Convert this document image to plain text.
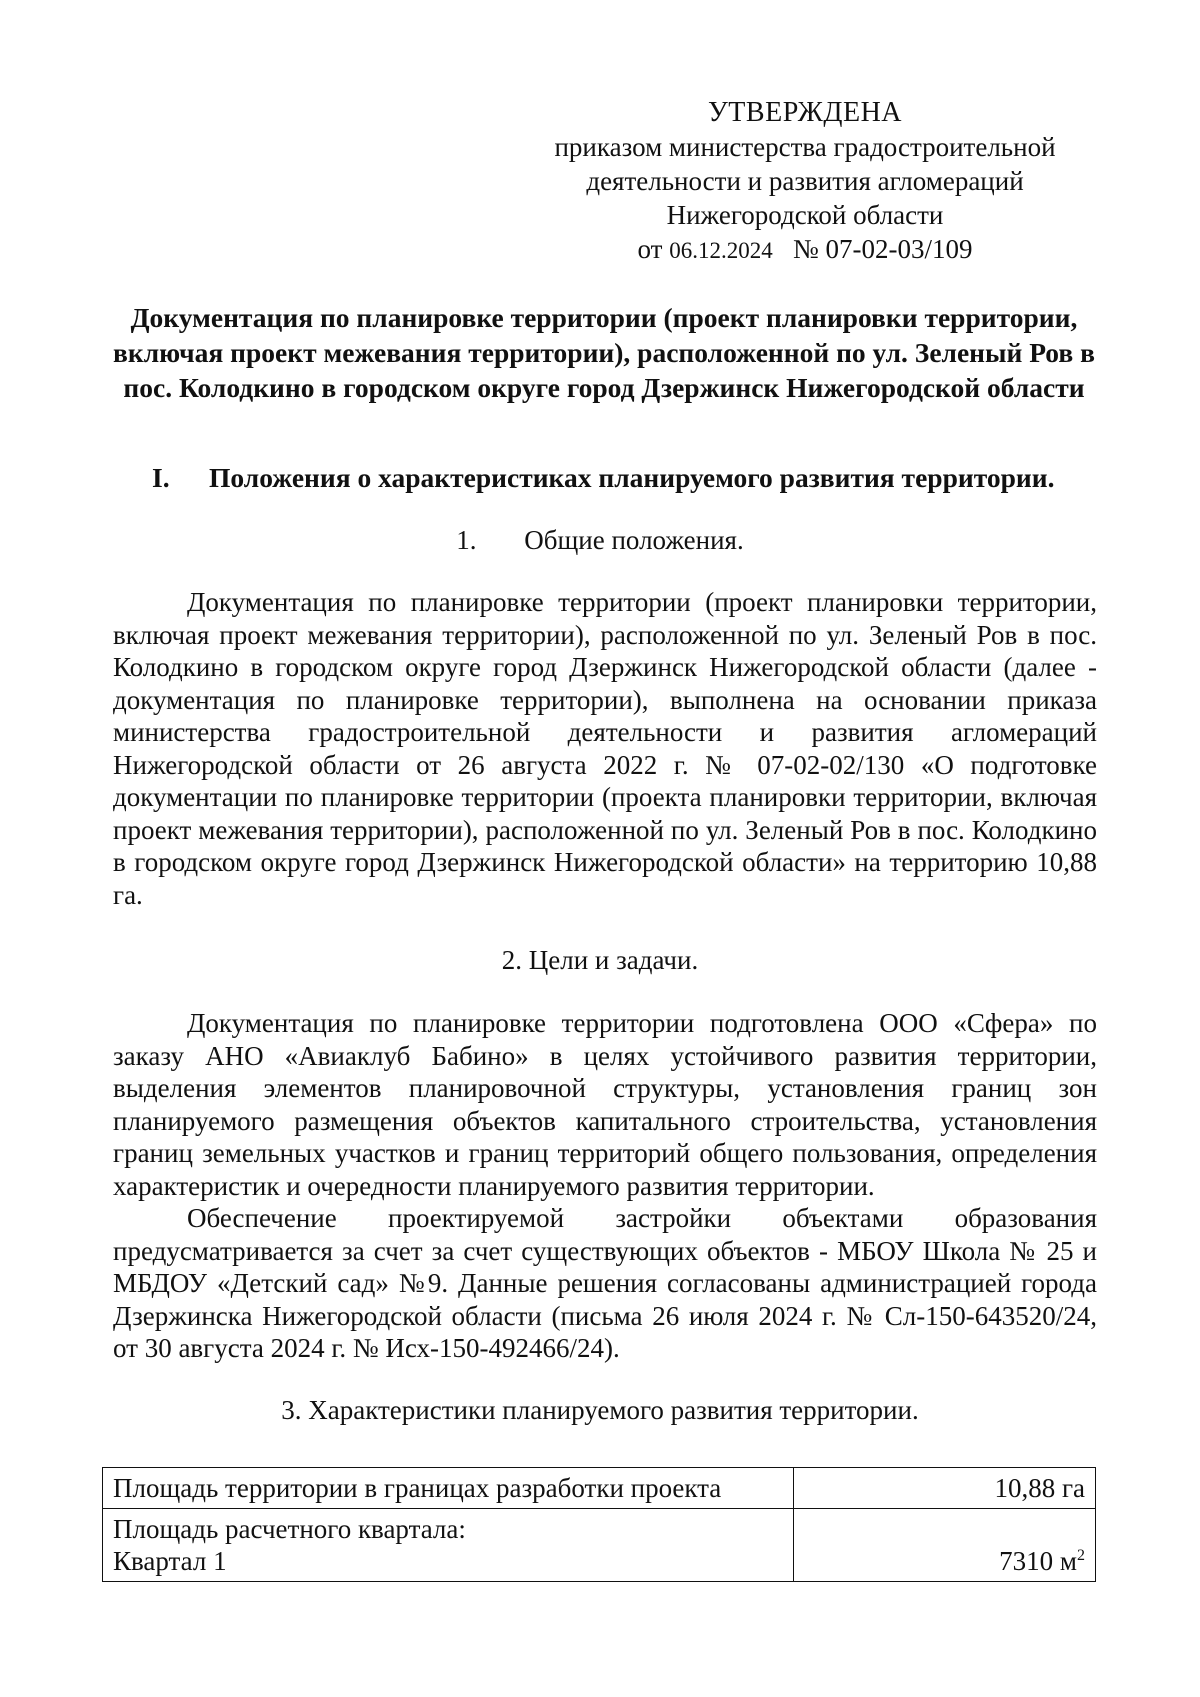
УТВЕРЖДЕНА
приказом министерства градостроительной
деятельности и развития агломераций
Нижегородской области
от 06.12.2024 № 07-02-03/109
Документация по планировке территории (проект планировки территории, включая проект межевания территории), расположенной по ул. Зеленый Ров в пос. Колодкино в городском округе город Дзержинск Нижегородской области
I. Положения о характеристиках планируемого развития территории.
1. Общие положения.

Документация по планировке территории (проект планировки территории, включая проект межевания территории), расположенной по ул. Зеленый Ров в пос. Колодкино в городском округе город Дзержинск Нижегородской области (далее - документация по планировке территории), выполнена на основании приказа министерства градостроительной деятельности и развития агломераций Нижегородской области от 26 августа 2022 г. № 07-02-02/130 «О подготовке документации по планировке территории (проекта планировки территории, включая проект межевания территории), расположенной по ул. Зеленый Ров в пос. Колодкино в городском округе город Дзержинск Нижегородской области» на территорию 10,88 га.

2. Цели и задачи.

Документация по планировке территории подготовлена ООО «Сфера» по заказу АНО «Авиаклуб Бабино» в целях устойчивого развития территории, выделения элементов планировочной структуры, установления границ зон планируемого размещения объектов капитального строительства, установления границ земельных участков и границ территорий общего пользования, определения характеристик и очередности планируемого развития территории.

Обеспечение проектируемой застройки объектами образования предусматривается за счет за счет существующих объектов - МБОУ Школа № 25 и МБДОУ «Детский сад» №9. Данные решения согласованы администрацией города Дзержинска Нижегородской области (письма 26 июля 2024 г. № Сл-150-643520/24, от 30 августа 2024 г. № Исх-150-492466/24).

3. Характеристики планируемого развития территории.
Площадь территории в границах разработки проекта	10,88 га

Площадь расчетного квартала:
Квартал 1	7310 $м^2$
